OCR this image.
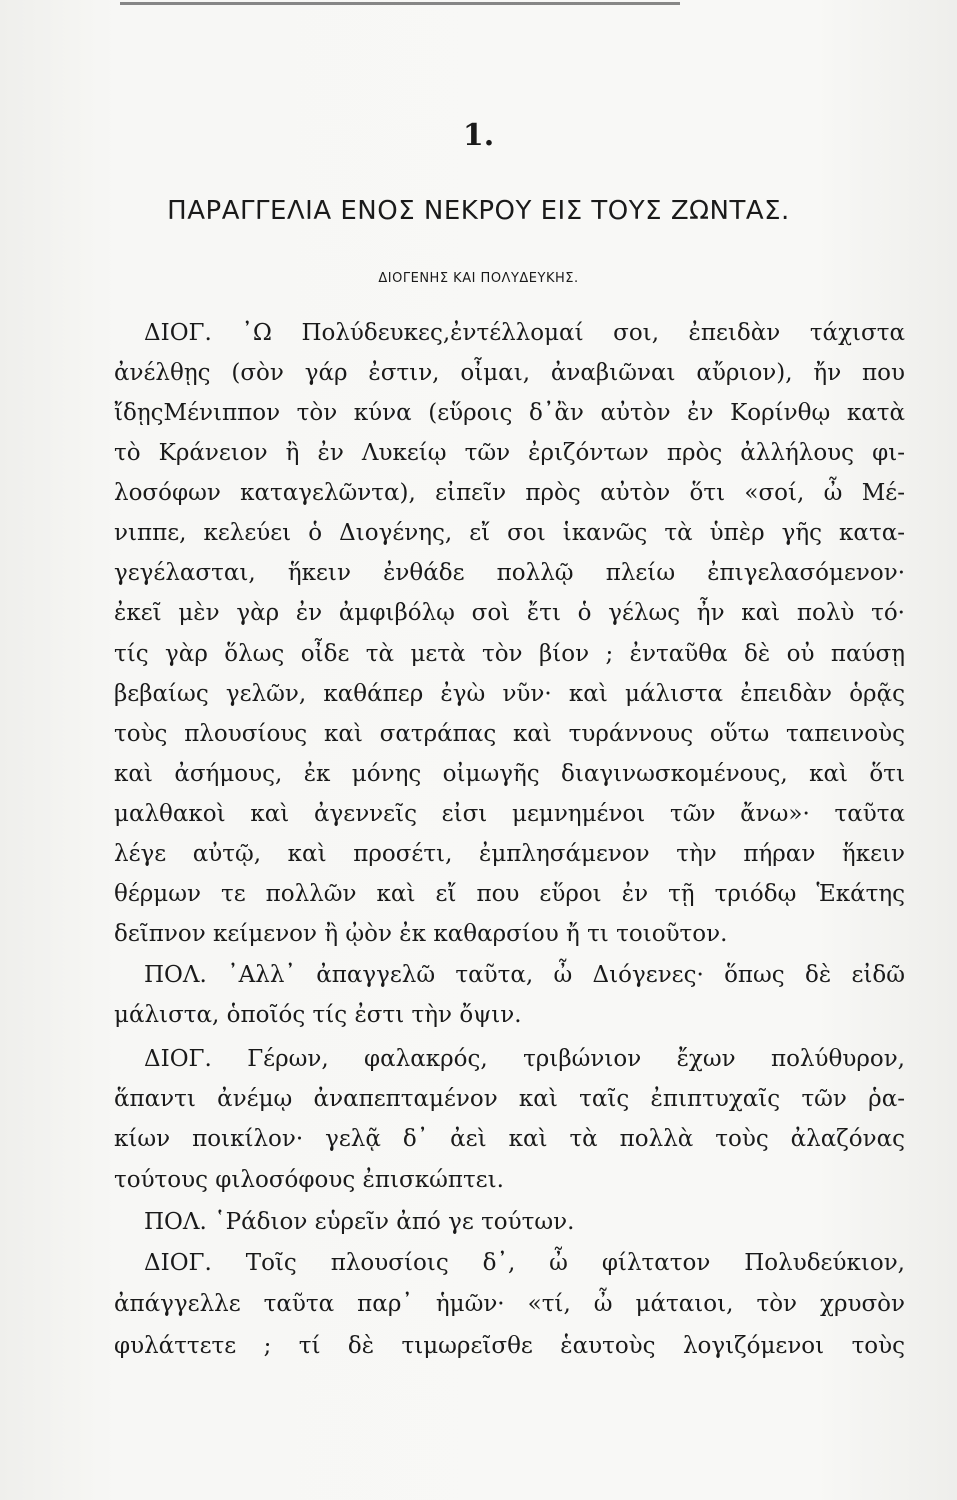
1.
ΠΑΡΑΓΓΕΛΙΑ ΕΝΟΣ ΝΕΚΡΟΥ ΕΙΣ ΤΟΥΣ ΖΩΝΤΑΣ.
ΔΙΟΓΕΝΗΣ ΚΑΙ ΠΟΛΥΔΕΥΚΗΣ.
ΔΙΟΓ. ᾿Ω Πολύδευκες,ἐντέλλομαί σοι, ἐπειδὰν τάχιστα
ἀνέλθῃς (σὸν γάρ ἐστιν, οἶμαι, ἀναβιῶναι αὔριον), ἤν που
ἴδῃςΜένιππον τὸν κύνα (εὕροις δ᾽ἂν αὐτὸν ἐν Κορίνθῳ κατὰ
τὸ Κράνειον ἢ ἐν Λυκείῳ τῶν ἐριζόντων πρὸς ἀλλήλους φι-
λοσόφων καταγελῶντα), εἰπεῖν πρὸς αὐτὸν ὅτι «σοί, ὦ Μέ-
νιππε, κελεύει ὁ Διογένης, εἴ σοι ἱκανῶς τὰ ὑπὲρ γῆς κατα-
γεγέλασται, ἥκειν ἐνθάδε πολλῷ πλείω ἐπιγελασόμενον·
ἐκεῖ μὲν γὰρ ἐν ἀμφιβόλῳ σοὶ ἔτι ὁ γέλως ἦν καὶ πολὺ τό·
τίς γὰρ ὅλως οἶδε τὰ μετὰ τὸν βίον ; ἐνταῦθα δὲ οὐ παύσῃ
βεβαίως γελῶν, καθάπερ ἐγὼ νῦν· καὶ μάλιστα ἐπειδὰν ὁρᾷς
τοὺς πλουσίους καὶ σατράπας καὶ τυράννους οὕτω ταπεινοὺς
καὶ ἀσήμους, ἐκ μόνης οἰμωγῆς διαγινωσκομένους, καὶ ὅτι
μαλθακοὶ καὶ ἀγεννεῖς εἰσι μεμνημένοι τῶν ἄνω»· ταῦτα
λέγε αὐτῷ, καὶ προσέτι, ἐμπλησάμενον τὴν πήραν ἥκειν
θέρμων τε πολλῶν καὶ εἴ που εὕροι ἐν τῇ τριόδῳ Ἑκάτης
δεῖπνον κείμενον ἢ ᾠὸν ἐκ καθαρσίου ἤ τι τοιοῦτον.
ΠΟΛ. ᾿Αλλ᾽ ἀπαγγελῶ ταῦτα, ὦ Διόγενες· ὅπως δὲ εἰδῶ
μάλιστα, ὁποῖός τίς ἐστι τὴν ὄψιν.
ΔΙΟΓ. Γέρων, φαλακρός, τριβώνιον ἔχων πολύθυρον,
ἅπαντι ἀνέμῳ ἀναπεπταμένον καὶ ταῖς ἐπιπτυχαῖς τῶν ῥα-
κίων ποικίλον· γελᾷ δ᾽ ἀεὶ καὶ τὰ πολλὰ τοὺς ἀλαζόνας
τούτους φιλοσόφους ἐπισκώπτει.
ΠΟΛ. ῾Ράδιον εὑρεῖν ἀπό γε τούτων.
ΔΙΟΓ. Τοῖς πλουσίοις δ᾽, ὦ φίλτατον Πολυδεύκιον,
ἀπάγγελλε ταῦτα παρ᾽ ἡμῶν· «τί, ὦ μάταιοι, τὸν χρυσὸν
φυλάττετε ; τί δὲ τιμωρεῖσθε ἑαυτοὺς λογιζόμενοι τοὺς
